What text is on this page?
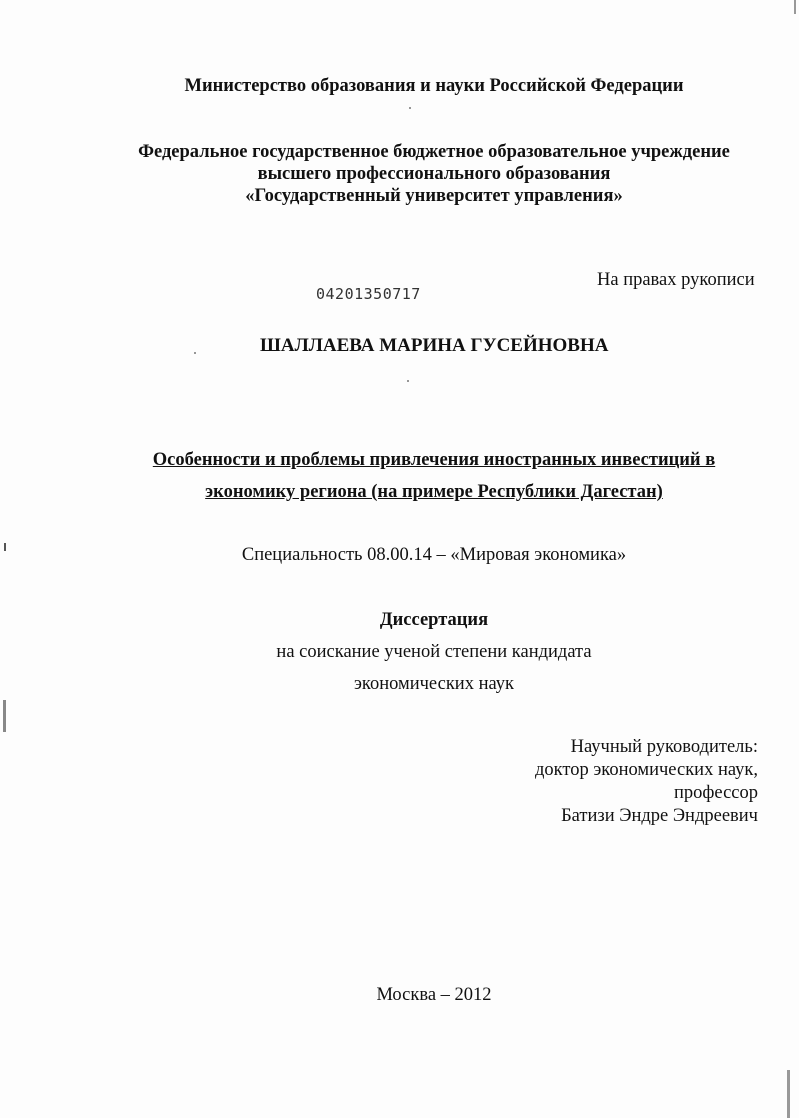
Министерство образования и науки Российской Федерации
Федеральное государственное бюджетное образовательное учреждение
высшего профессионального образования
«Государственный университет управления»
На правах рукописи
04201350717
ШАЛЛАЕВА МАРИНА ГУСЕЙНОВНА
Особенности и проблемы привлечения иностранных инвестиций в
экономику региона (на примере Республики Дагестан)
Специальность 08.00.14 – «Мировая экономика»
Диссертация
на соискание ученой степени кандидата
экономических наук
Научный руководитель:
доктор экономических наук,
профессор
Батизи Эндре Эндреевич
Москва – 2012
